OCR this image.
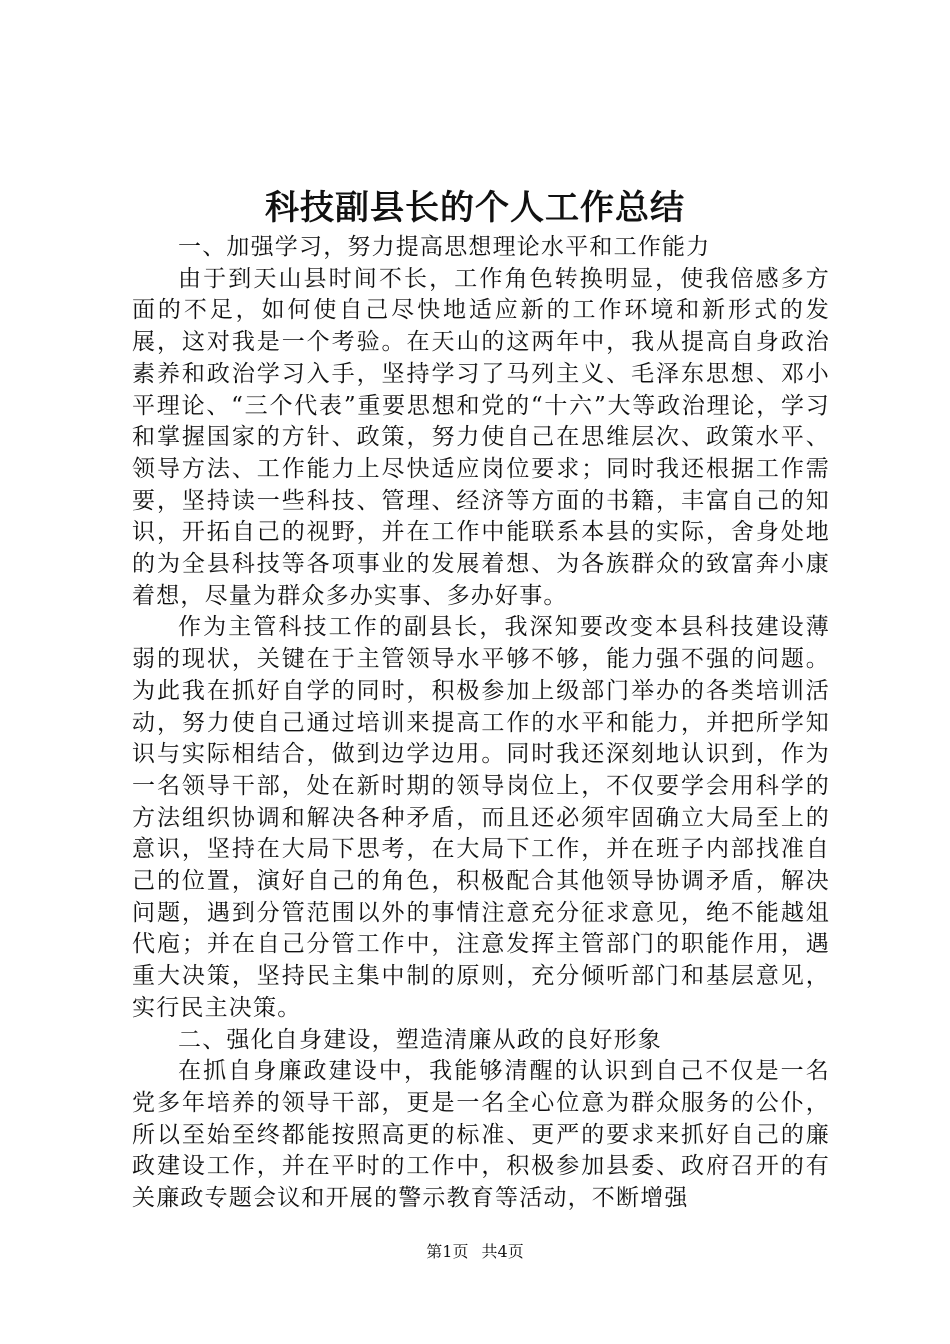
科技副县长的个人工作总结

一、加强学习，努力提高思想理论水平和工作能力

由于到天山县时间不长，工作角色转换明显，使我倍感多方面的不足，如何使自己尽快地适应新的工作环境和新形式的发展，这对我是一个考验。在天山的这两年中，我从提高自身政治素养和政治学习入手，坚持学习了马列主义、毛泽东思想、邓小平理论、“三个代表”重要思想和党的“十六”大等政治理论，学习和掌握国家的方针、政策，努力使自己在思维层次、政策水平、领导方法、工作能力上尽快适应岗位要求；同时我还根据工作需要，坚持读一些科技、管理、经济等方面的书籍，丰富自己的知识，开拓自己的视野，并在工作中能联系本县的实际，舍身处地的为全县科技等各项事业的发展着想、为各族群众的致富奔小康着想，尽量为群众多办实事、多办好事。

作为主管科技工作的副县长，我深知要改变本县科技建设薄弱的现状，关键在于主管领导水平够不够，能力强不强的问题。为此我在抓好自学的同时，积极参加上级部门举办的各类培训活动，努力使自己通过培训来提高工作的水平和能力，并把所学知识与实际相结合，做到边学边用。同时我还深刻地认识到，作为一名领导干部，处在新时期的领导岗位上，不仅要学会用科学的方法组织协调和解决各种矛盾，而且还必须牢固确立大局至上的意识，坚持在大局下思考，在大局下工作，并在班子内部找准自己的位置，演好自己的角色，积极配合其他领导协调矛盾，解决问题，遇到分管范围以外的事情注意充分征求意见，绝不能越俎代庖；并在自己分管工作中，注意发挥主管部门的职能作用，遇重大决策，坚持民主集中制的原则，充分倾听部门和基层意见，实行民主决策。

二、强化自身建设，塑造清廉从政的良好形象

在抓自身廉政建设中，我能够清醒的认识到自己不仅是一名党多年培养的领导干部，更是一名全心位意为群众服务的公仆，所以至始至终都能按照高更的标准、更严的要求来抓好自己的廉政建设工作，并在平时的工作中，积极参加县委、政府召开的有关廉政专题会议和开展的警示教育等活动，不断增强

第1页 共4页
